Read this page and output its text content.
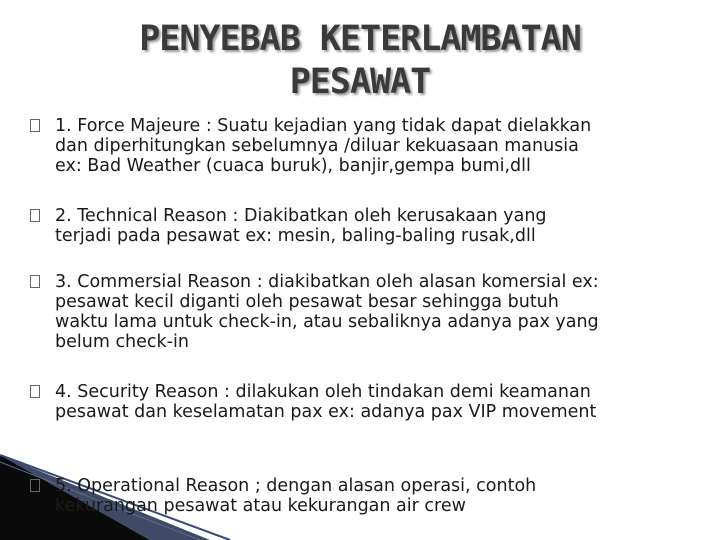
PENYEBAB KETERLAMBATAN
PESAWAT
1. Force Majeure : Suatu kejadian yang tidak dapat dielakkan
dan diperhitungkan sebelumnya /diluar kekuasaan manusia
ex: Bad Weather (cuaca buruk), banjir,gempa bumi,dll
2. Technical Reason : Diakibatkan oleh kerusakaan yang
terjadi pada pesawat ex: mesin, baling-baling rusak,dll
3. Commersial Reason : diakibatkan oleh alasan komersial ex:
pesawat kecil diganti oleh pesawat besar sehingga butuh
waktu lama untuk check-in, atau sebaliknya adanya pax yang
belum check-in
4. Security Reason : dilakukan oleh tindakan demi keamanan
pesawat dan keselamatan pax ex: adanya pax VIP movement
5. Operational Reason ; dengan alasan operasi, contoh
kekurangan pesawat atau kekurangan air crew
